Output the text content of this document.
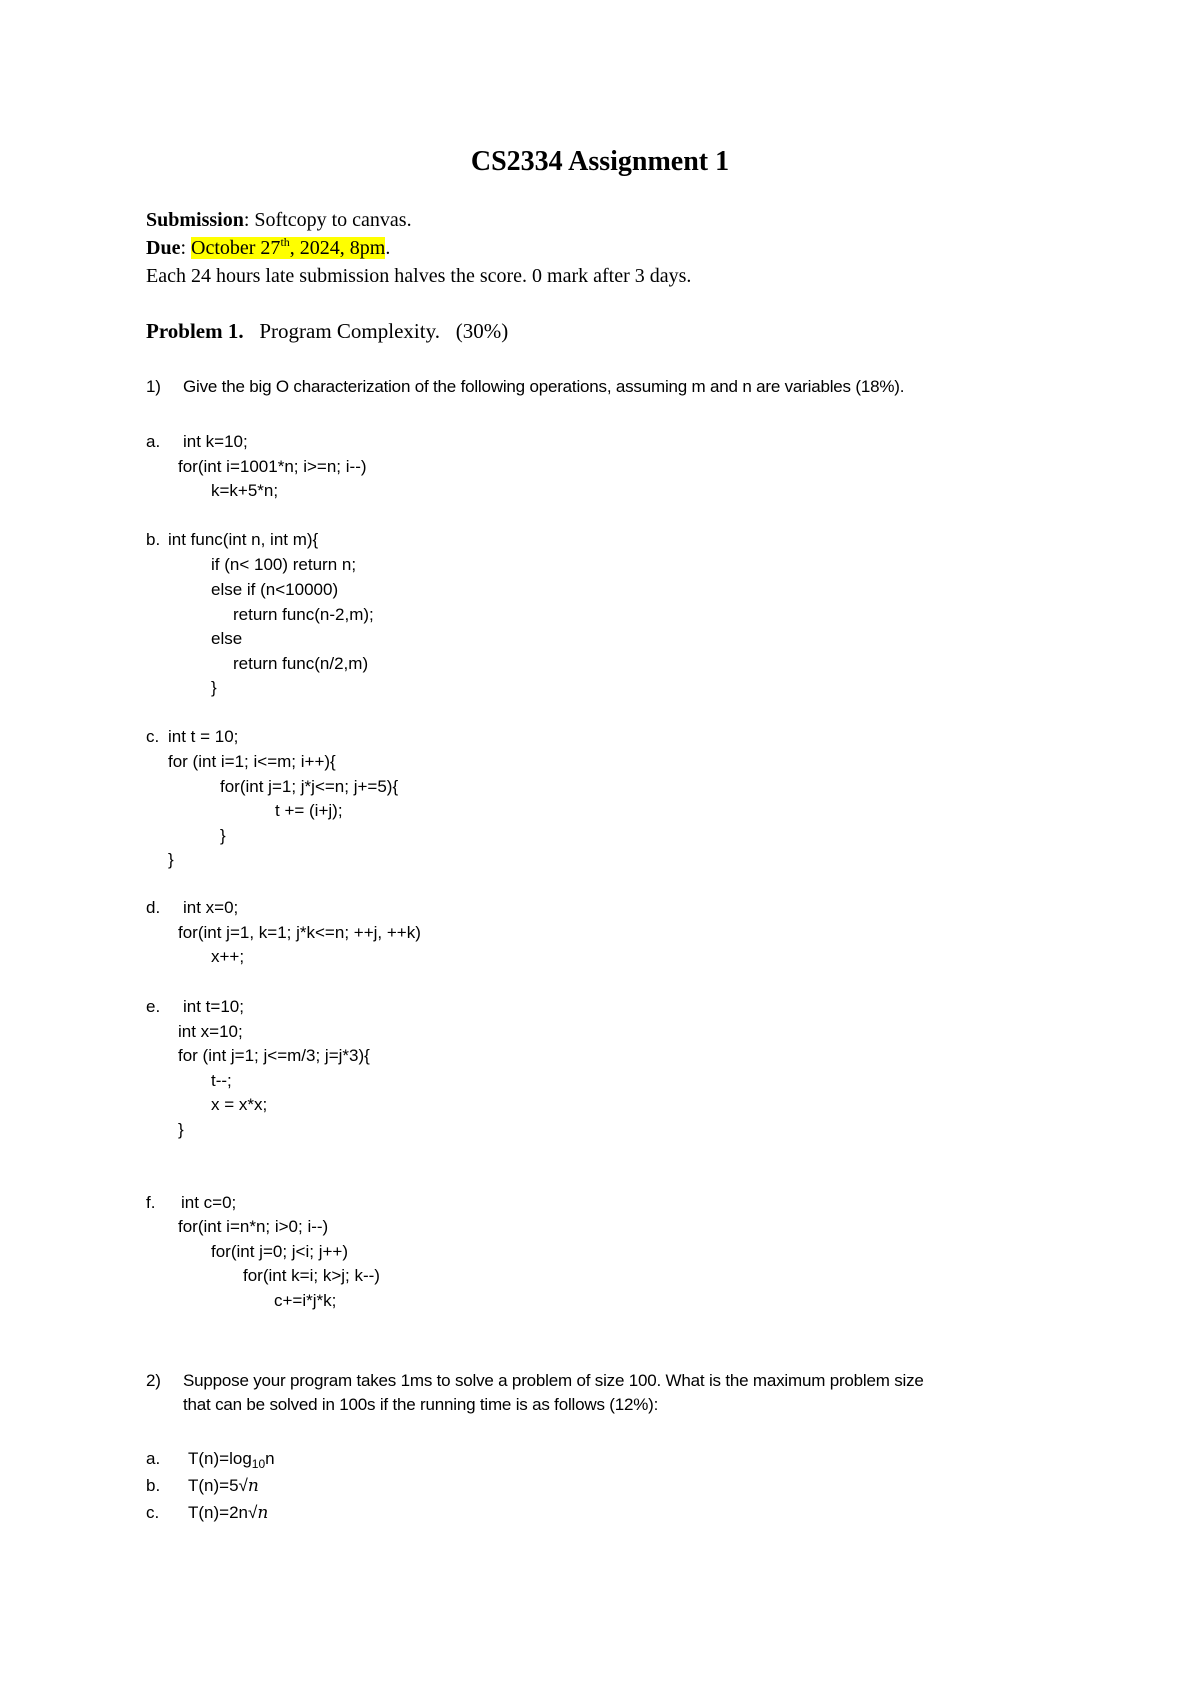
CS2334 Assignment 1
Submission: Softcopy to canvas.
Due: October 27th, 2024, 8pm.
Each 24 hours late submission halves the score. 0 mark after 3 days.
Problem 1. Program Complexity. (30%)
1) Give the big O characterization of the following operations, assuming m and n are variables (18%).
a. int k=10;
for(int i=1001*n; i>=n; i--)
k=k+5*n;
b. int func(int n, int m){
if (n< 100) return n;
else if (n<10000)
return func(n-2,m);
else
return func(n/2,m)
}
c. int t = 10;
for (int i=1; i<=m; i++){
for(int j=1; j*j<=n; j+=5){
t += (i+j);
}
}
d. int x=0;
for(int j=1, k=1; j*k<=n; ++j, ++k)
x++;
e. int t=10;
int x=10;
for (int j=1; j<=m/3; j=j*3){
t--;
x = x*x;
}
f. int c=0;
for(int i=n*n; i>0; i--)
for(int j=0; j<i; j++)
for(int k=i; k>j; k--)
c+=i*j*k;
2) Suppose your program takes 1ms to solve a problem of size 100. What is the maximum problem size
that can be solved in 100s if the running time is as follows (12%):
a. $T(n)=\log_{10}n$
b. T(n)=5√n
c. T(n)=2n√n
